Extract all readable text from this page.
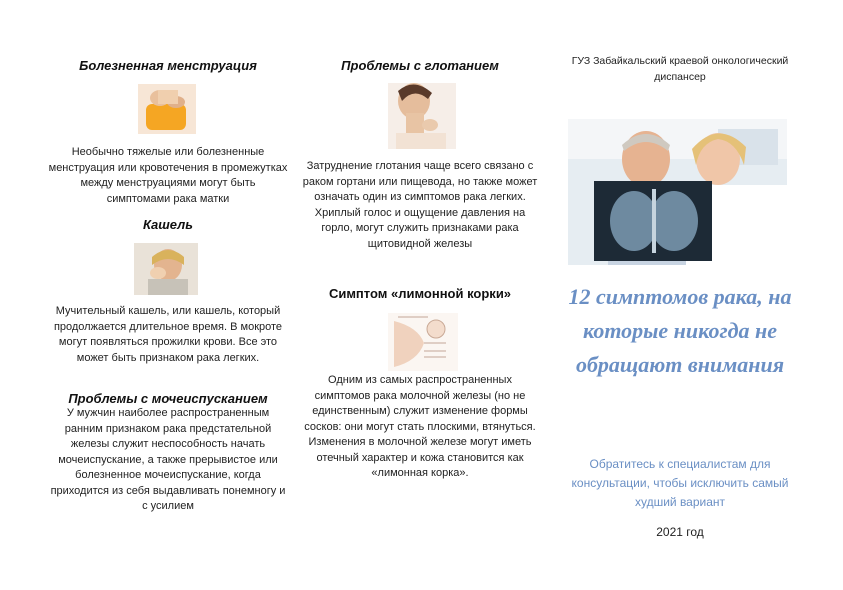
Болезненная менструация
Необычно тяжелые или болезненные менструация или кровотечения в промежутках между менструациями могут быть симптомами рака матки
Кашель
Мучительный кашель, или кашель, который продолжается длительное время. В мокроте могут появляться прожилки крови. Все это может быть признаком рака легких.
Проблемы с мочеиспусканием
У мужчин наиболее распространенным ранним признаком рака предстательной железы служит неспособность начать мочеиспускание, а также прерывистое или болезненное мочеиспускание, когда приходится из себя выдавливать понемногу и с усилием
Проблемы с глотанием
Затруднение глотания чаще всего связано с раком гортани или пищевода, но также может означать один из симптомов рака легких. Хриплый голос и ощущение давления на горло, могут служить признаками рака щитовидной железы
Симптом «лимонной корки»
Одним из самых распространенных симптомов рака молочной железы (но не единственным) служит изменение формы сосков: они могут стать плоскими, втянуться. Изменения в молочной железе могут иметь отечный характер и кожа становится как «лимонная корка».
ГУЗ Забайкальский краевой онкологический диспансер
12 симптомов рака, на которые никогда не обращают внимания
Обратитесь к специалистам для консультации, чтобы исключить самый худший вариант
2021 год
